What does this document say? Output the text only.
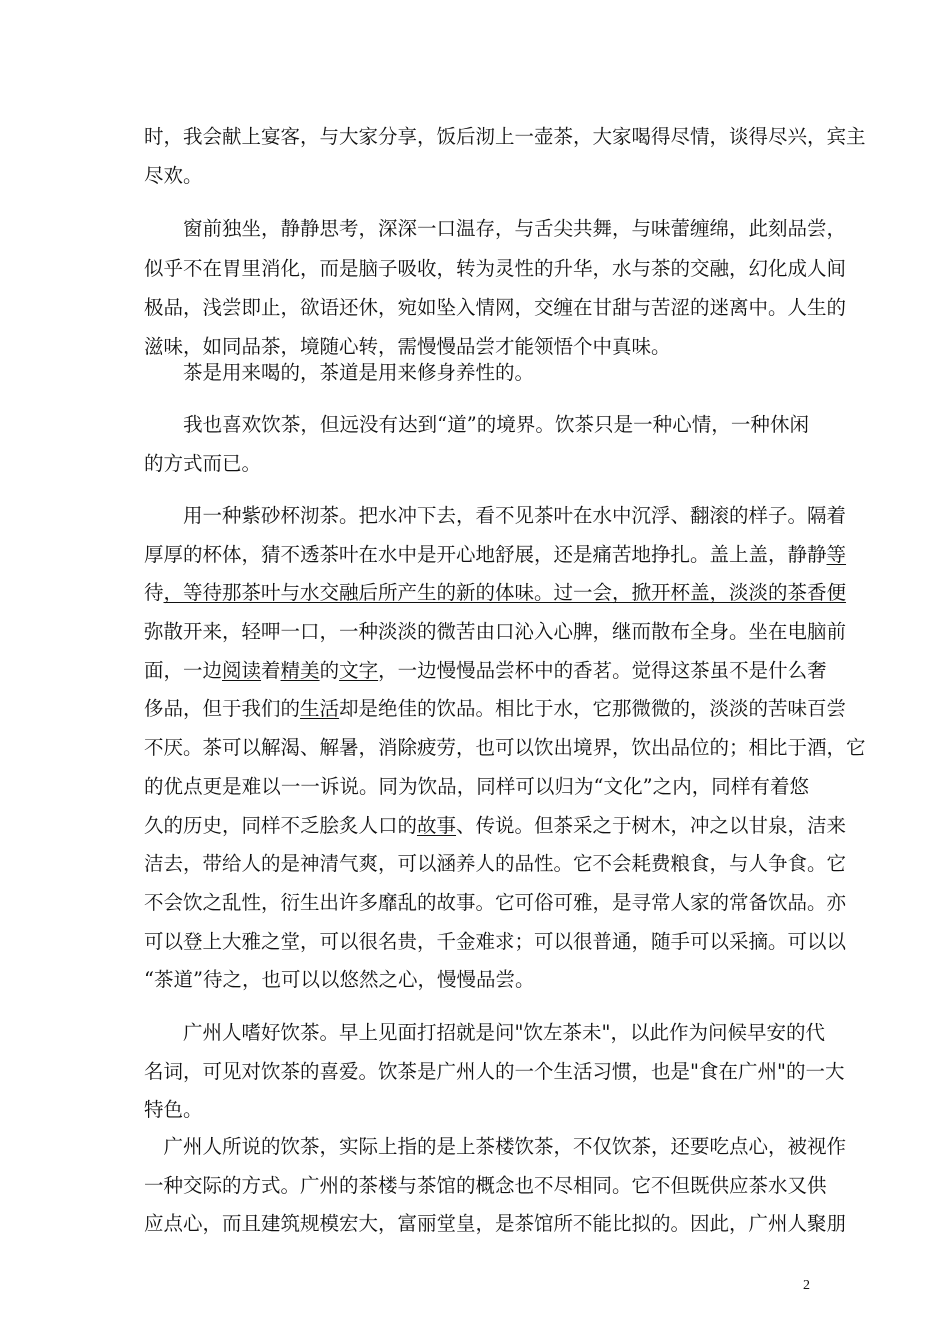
时，我会献上宴客，与大家分享，饭后沏上一壶茶，大家喝得尽情，谈得尽兴，宾主
尽欢。
　　窗前独坐，静静思考，深深一口温存，与舌尖共舞，与味蕾缠绵，此刻品尝，
似乎不在胃里消化，而是脑子吸收，转为灵性的升华，水与茶的交融，幻化成人间
极品，浅尝即止，欲语还休，宛如坠入情网，交缠在甘甜与苦涩的迷离中。人生的
滋味，如同品茶，境随心转，需慢慢品尝才能领悟个中真味。
　　茶是用来喝的，茶道是用来修身养性的。
　　我也喜欢饮茶，但远没有达到“道”的境界。饮茶只是一种心情，一种休闲
的方式而已。
　　用一种紫砂杯沏茶。把水冲下去，看不见茶叶在水中沉浮、翻滚的样子。隔着
厚厚的杯体，猜不透茶叶在水中是开心地舒展，还是痛苦地挣扎。盖上盖，静静等
待，等待那茶叶与水交融后所产生的新的体味。过一会，掀开杯盖，淡淡的茶香便
弥散开来，轻呷一口，一种淡淡的微苦由口沁入心脾，继而散布全身。坐在电脑前
面，一边阅读着精美的文字，一边慢慢品尝杯中的香茗。觉得这茶虽不是什么奢
侈品，但于我们的生活却是绝佳的饮品。相比于水，它那微微的，淡淡的苦味百尝
不厌。茶可以解渴、解暑，消除疲劳，也可以饮出境界，饮出品位的；相比于酒，它
的优点更是难以一一诉说。同为饮品，同样可以归为“文化”之内，同样有着悠
久的历史，同样不乏脍炙人口的故事、传说。但茶采之于树木，冲之以甘泉，洁来
洁去，带给人的是神清气爽，可以涵养人的品性。它不会耗费粮食，与人争食。它
不会饮之乱性，衍生出许多靡乱的故事。它可俗可雅，是寻常人家的常备饮品。亦
可以登上大雅之堂，可以很名贵，千金难求；可以很普通，随手可以采摘。可以以
“茶道”待之，也可以以悠然之心，慢慢品尝。
　　广州人嗜好饮茶。早上见面打招就是问"饮左茶未"，以此作为问候早安的代
名词，可见对饮茶的喜爱。饮茶是广州人的一个生活习惯，也是"食在广州"的一大
特色。
　广州人所说的饮茶，实际上指的是上茶楼饮茶，不仅饮茶，还要吃点心，被视作
一种交际的方式。广州的茶楼与茶馆的概念也不尽相同。它不但既供应茶水又供
应点心，而且建筑规模宏大，富丽堂皇，是茶馆所不能比拟的。因此，广州人聚朋
2
